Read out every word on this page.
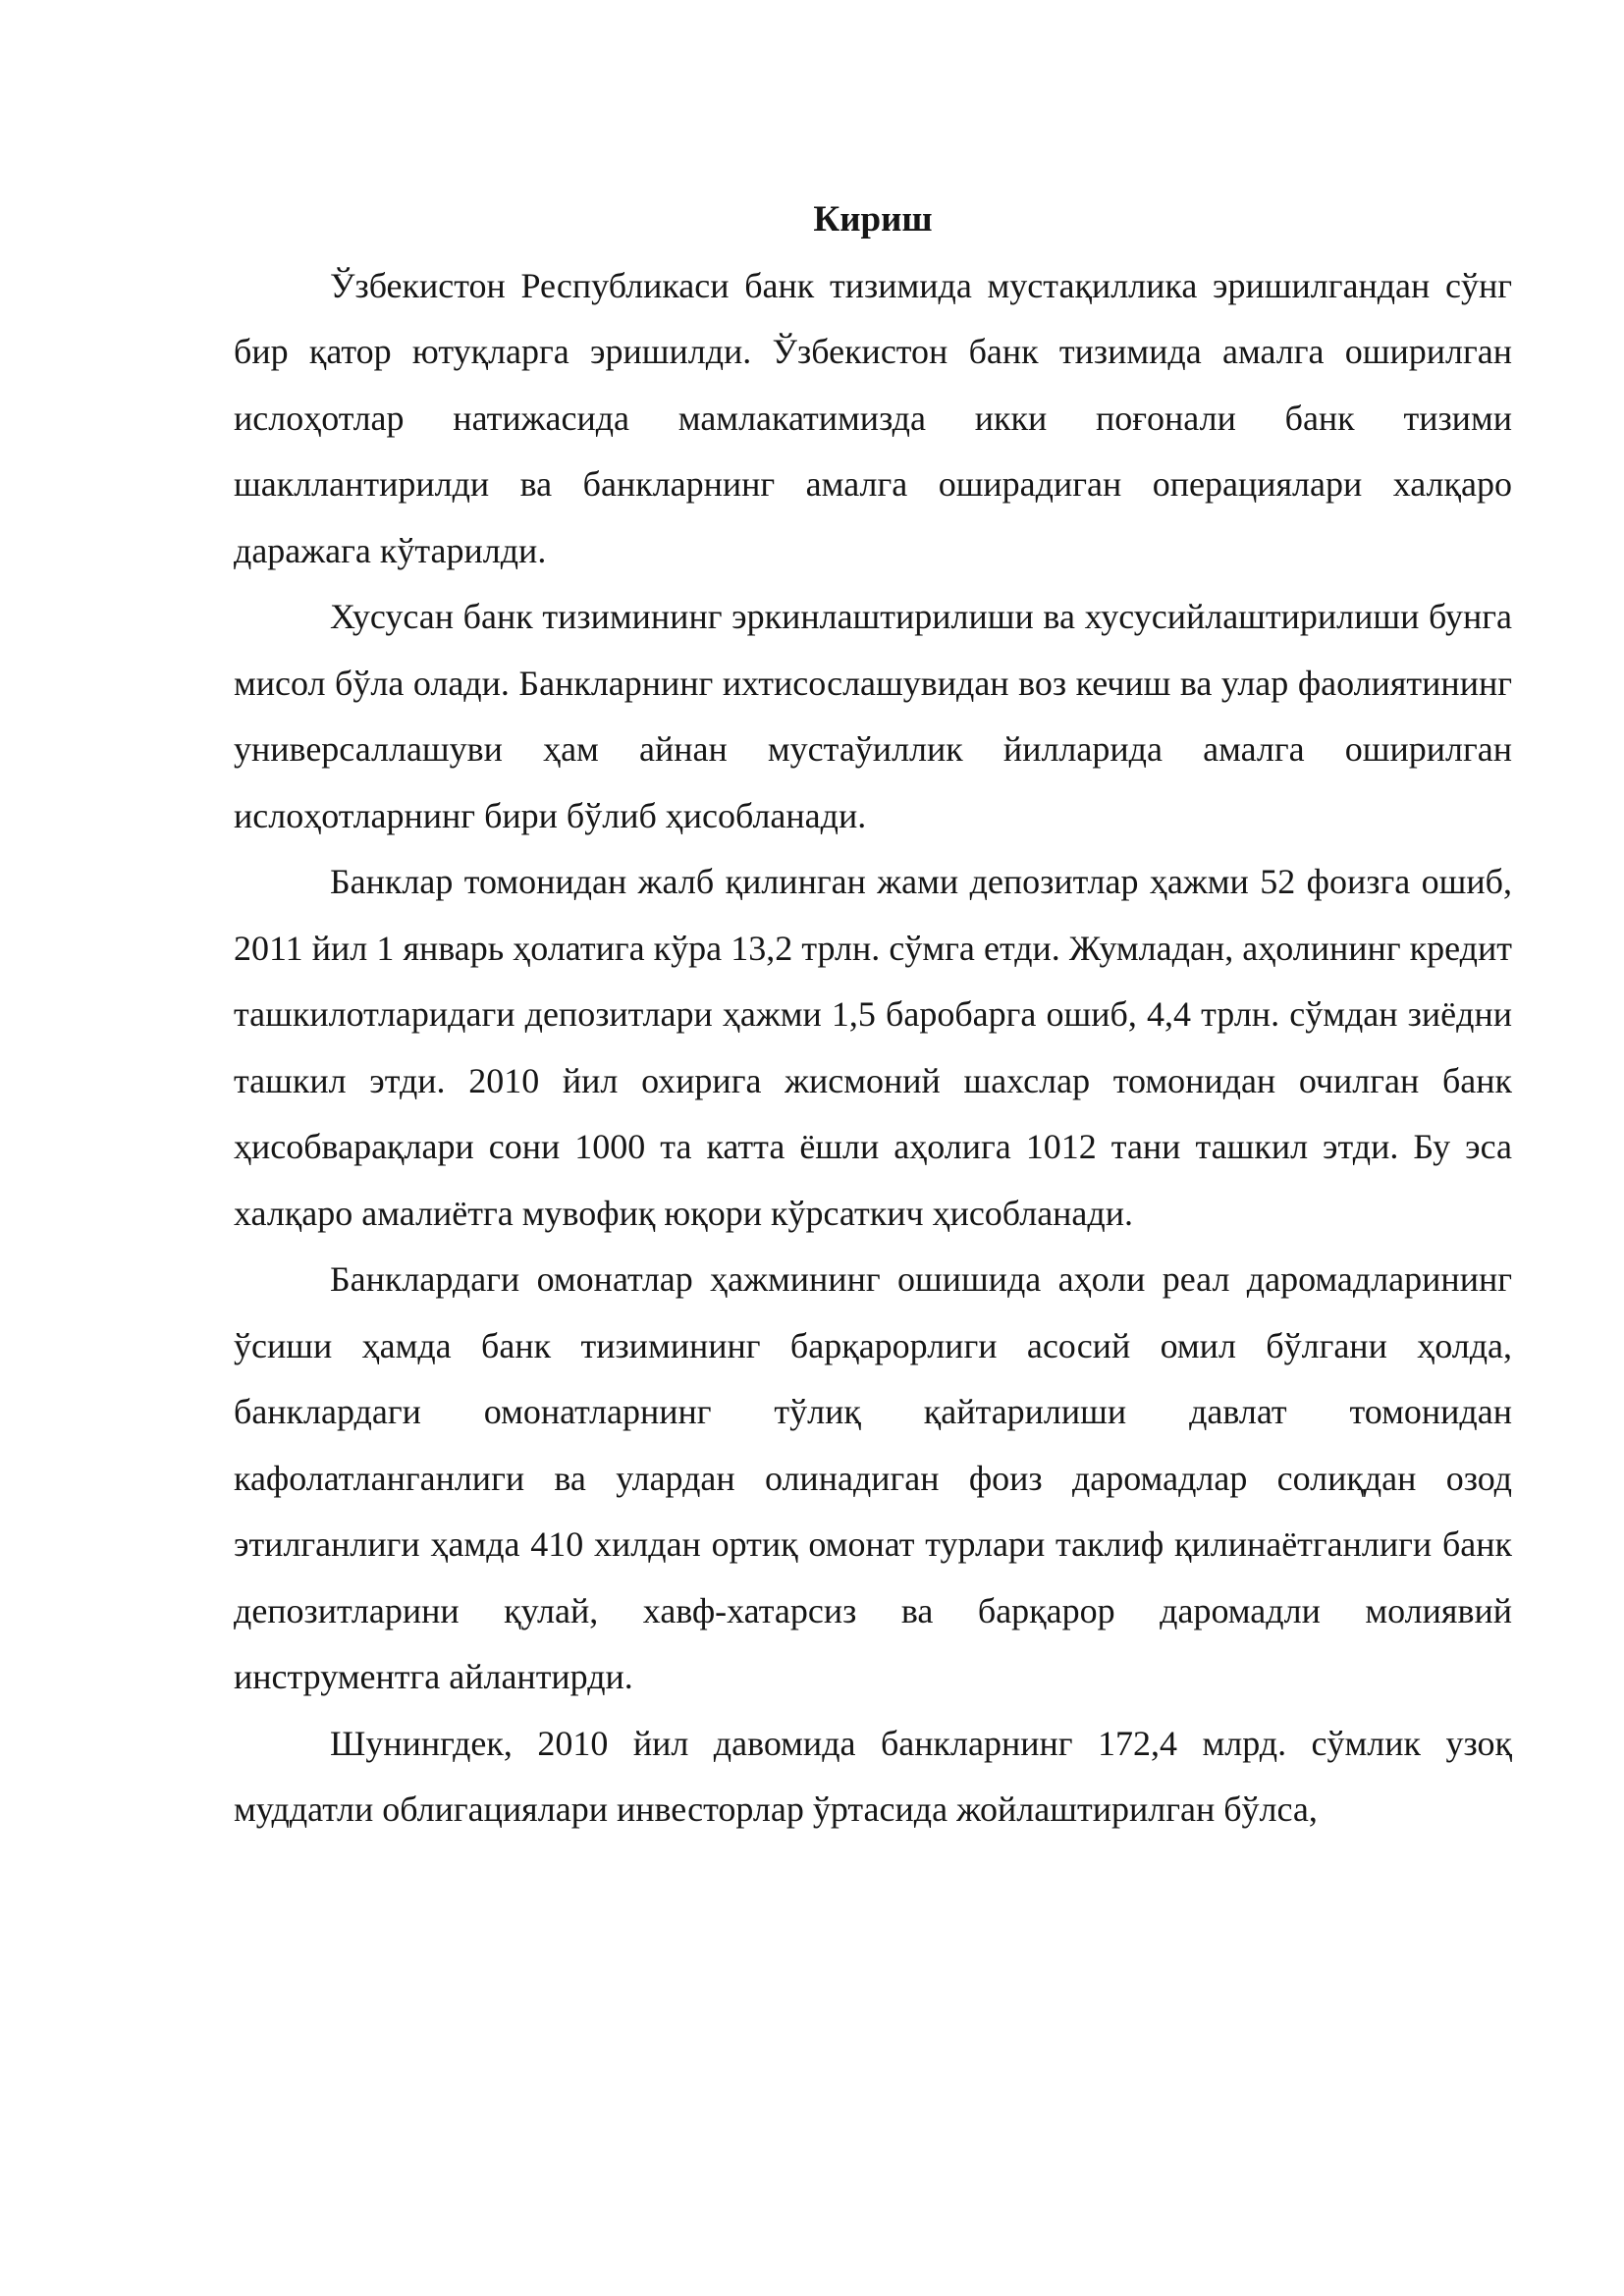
Кириш

Ўзбекистон Республикаси банк тизимида мустақиллика эришилгандан сўнг бир қатор ютуқларга эришилди. Ўзбекистон банк тизимида амалга оширилган ислоҳотлар натижасида мамлакатимизда икки поғонали банк тизими шакллантирилди ва банкларнинг амалга оширадиган операциялари халқаро даражага кўтарилди.

Хусусан банк тизимининг эркинлаштирилиши ва хусусийлаштирилиши бунга мисол бўла олади. Банкларнинг ихтисослашувидан воз кечиш ва улар фаолиятининг универсаллашуви ҳам айнан мустаўиллик йилларида амалга оширилган ислоҳотларнинг бири бўлиб ҳисобланади.

Банклар томонидан жалб қилинган жами депозитлар ҳажми 52 фоизга ошиб, 2011 йил 1 январь ҳолатига кўра 13,2 трлн. сўмга етди. Жумладан, аҳолининг кредит ташкилотларидаги депозитлари ҳажми 1,5 баробарга ошиб, 4,4 трлн. сўмдан зиёдни ташкил этди. 2010 йил охирига жисмоний шахслар томонидан очилган банк ҳисобварақлари сони 1000 та катта ёшли аҳолига 1012 тани ташкил этди. Бу эса халқаро амалиётга мувофиқ юқори кўрсаткич ҳисобланади.

Банклардаги омонатлар ҳажмининг ошишида аҳоли реал даромадларининг ўсиши ҳамда банк тизимининг барқарорлиги асосий омил бўлгани ҳолда, банклардаги омонатларнинг тўлиқ қайтарилиши давлат томонидан кафолатланганлиги ва улардан олинадиган фоиз даромадлар солиқдан озод этилганлиги ҳамда 410 хилдан ортиқ омонат турлари таклиф қилинаётганлиги банк депозитларини қулай, хавф-хатарсиз ва барқарор даромадли молиявий инструментга айлантирди.

Шунингдек, 2010 йил давомида банкларнинг 172,4 млрд. сўмлик узоқ муддатли облигациялари инвесторлар ўртасида жойлаштирилган бўлса,
